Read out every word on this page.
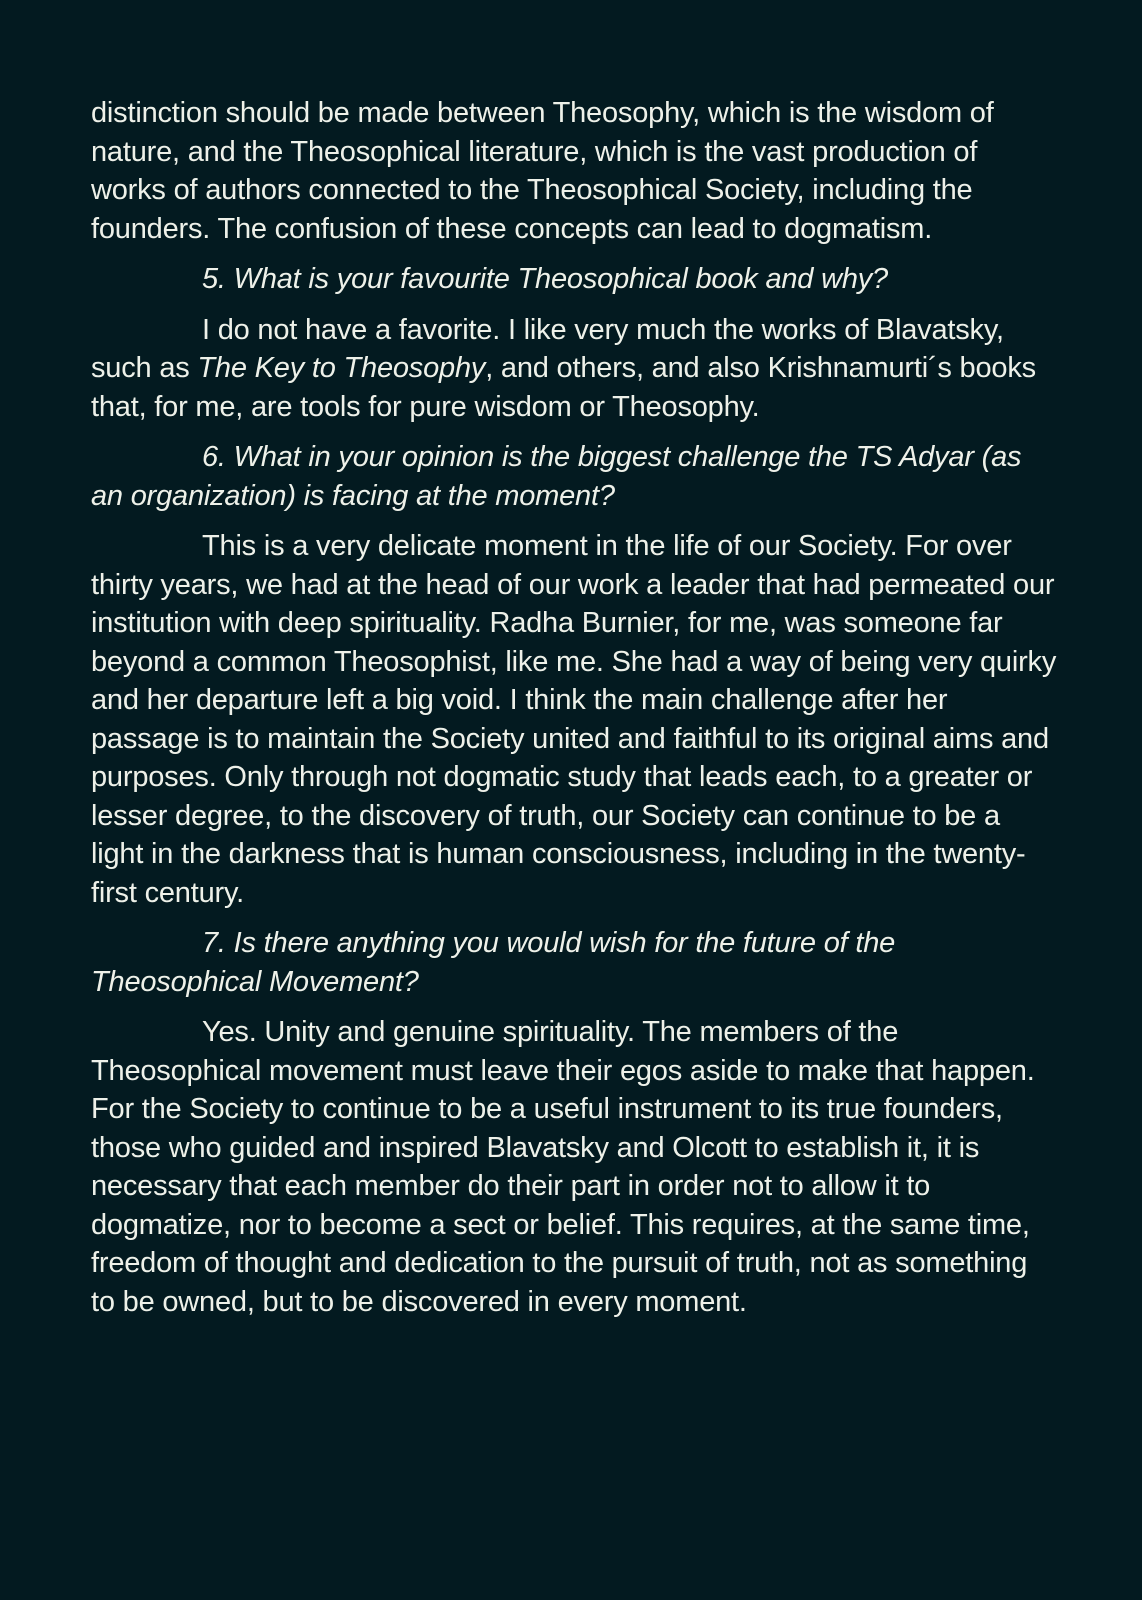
distinction should be made between Theosophy, which is the wisdom of nature, and the Theosophical literature, which is the vast production of works of authors connected to the Theosophical Society, including the founders. The confusion of these concepts can lead to dogmatism.

5. What is your favourite Theosophical book and why?

I do not have a favorite. I like very much the works of Blavatsky, such as The Key to Theosophy, and others, and also Krishnamurti´s books that, for me, are tools for pure wisdom or Theosophy.

6. What in your opinion is the biggest challenge the TS Adyar (as an organization) is facing at the moment?

This is a very delicate moment in the life of our Society. For over thirty years, we had at the head of our work a leader that had permeated our institution with deep spirituality. Radha Burnier, for me, was someone far beyond a common Theosophist, like me. She had a way of being very quirky and her departure left a big void. I think the main challenge after her passage is to maintain the Society united and faithful to its original aims and purposes. Only through not dogmatic study that leads each, to a greater or lesser degree, to the discovery of truth, our Society can continue to be a light in the darkness that is human consciousness, including in the twenty-first century.

7. Is there anything you would wish for the future of the Theosophical Movement?

Yes. Unity and genuine spirituality. The members of the Theosophical movement must leave their egos aside to make that happen. For the Society to continue to be a useful instrument to its true founders, those who guided and inspired Blavatsky and Olcott to establish it, it is necessary that each member do their part in order not to allow it to dogmatize, nor to become a sect or belief. This requires, at the same time, freedom of thought and dedication to the pursuit of truth, not as something to be owned, but to be discovered in every moment.
